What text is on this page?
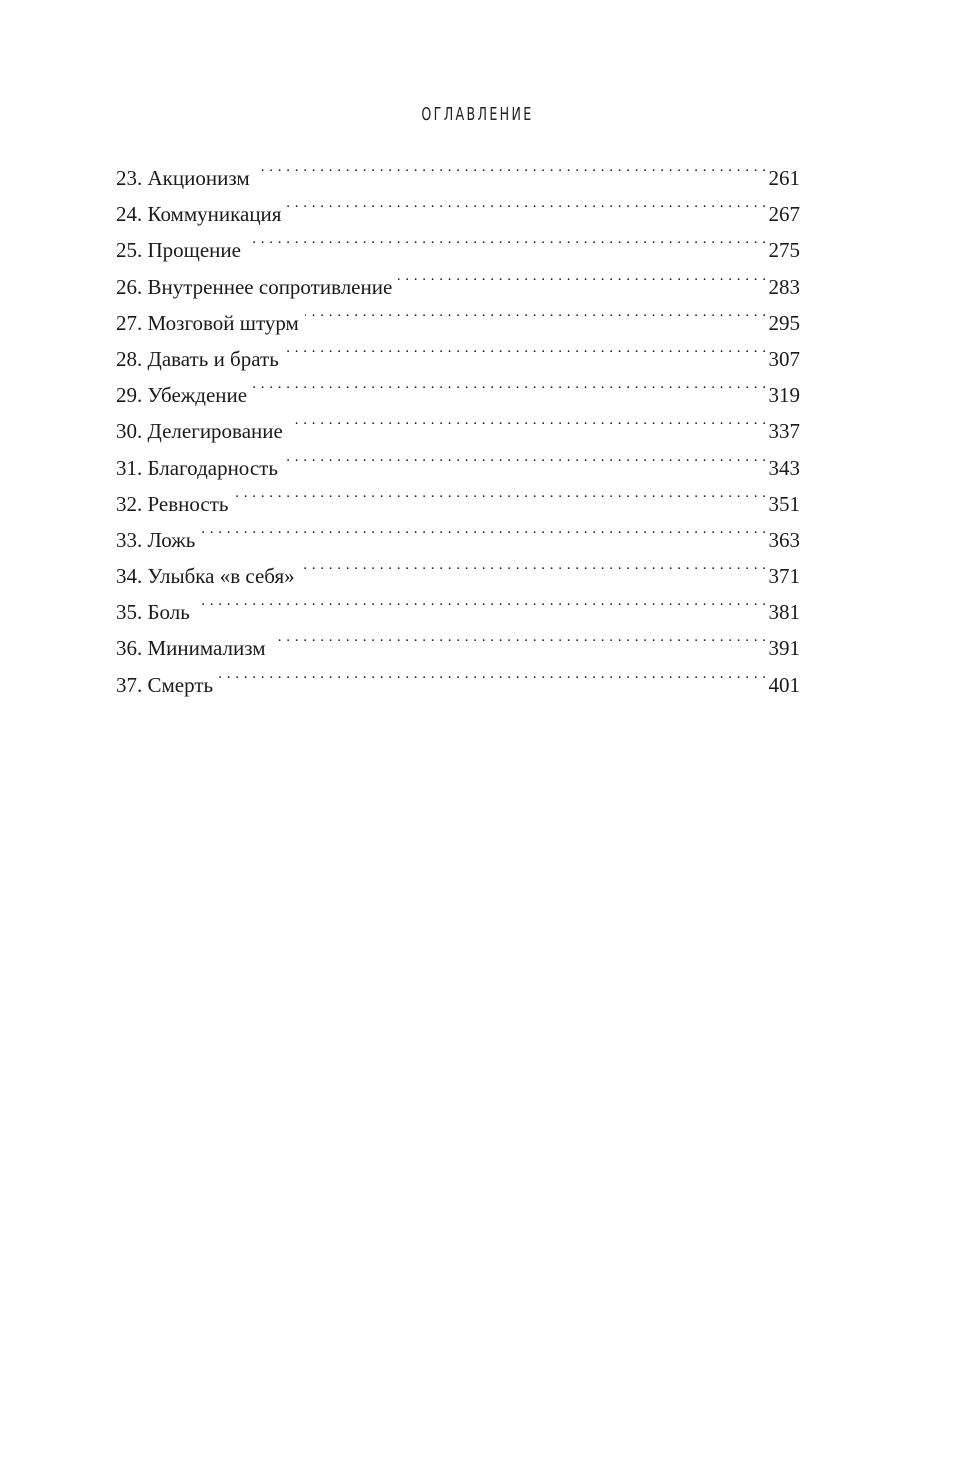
ОГЛАВЛЕНИЕ
23. Акционизм . . .	261
24. Коммуникация . . .	267
25. Прощение . . .	275
26. Внутреннее сопротивление . . .	283
27. Мозговой штурм . . .	295
28. Давать и брать . . .	307
29. Убеждение . . .	319
30. Делегирование . . .	337
31. Благодарность . . .	343
32. Ревность . . .	351
33. Ложь . . .	363
34. Улыбка «в себя» . . .	371
35. Боль . . .	381
36. Минимализм . . .	391
37. Смерть . . .	401
